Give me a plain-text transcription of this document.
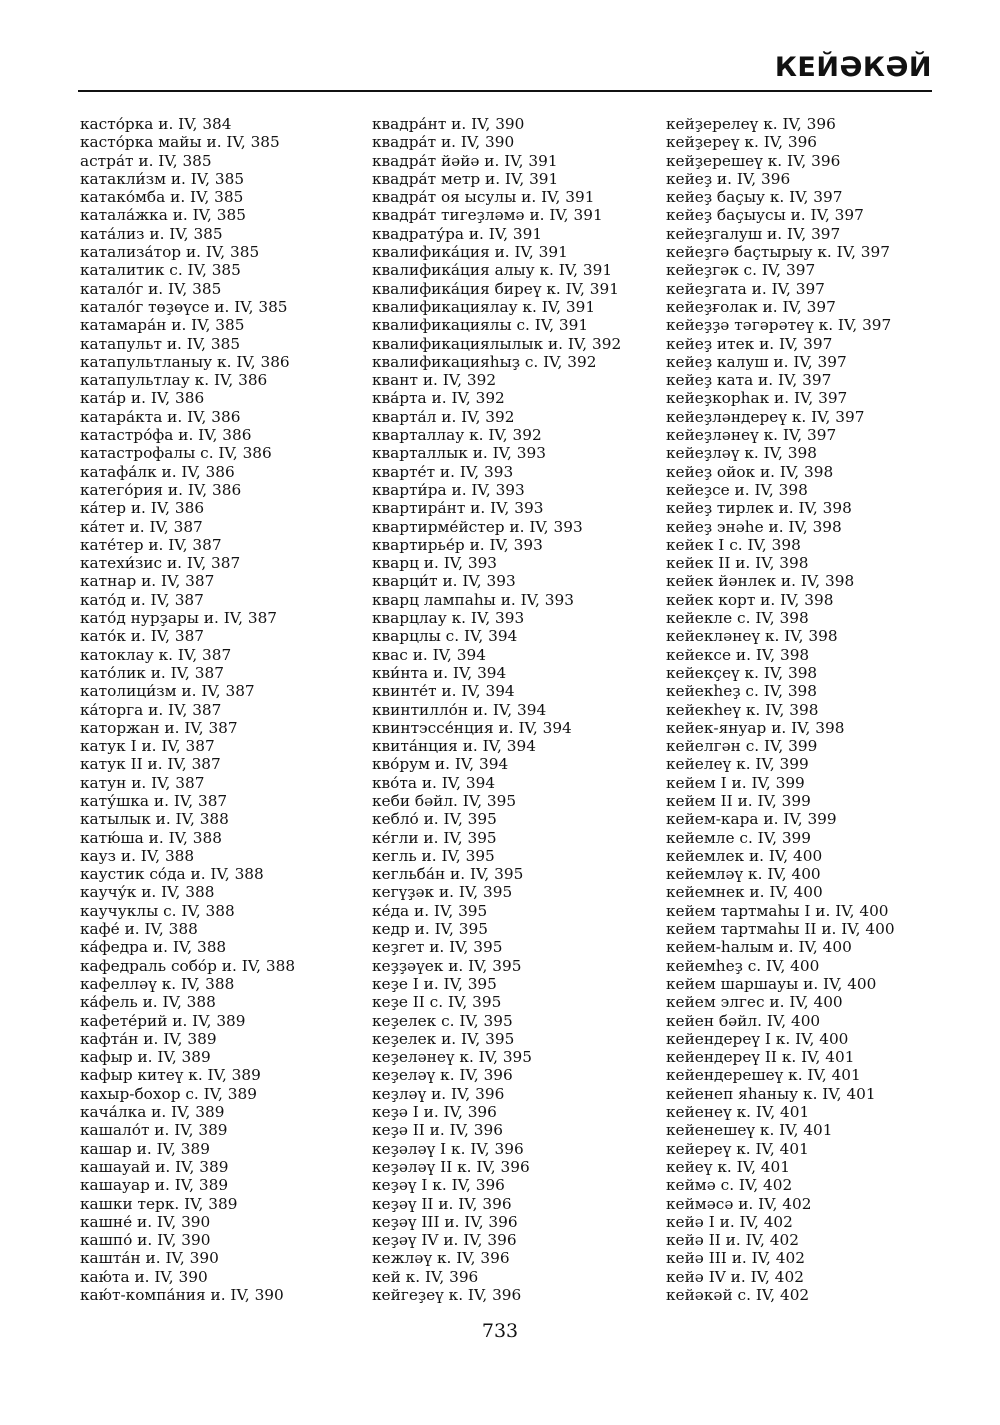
КЕЙӘКӘЙ
касто́рка и. IV, 384
касто́рка майы и. IV, 385
астра́т и. IV, 385
катакли́зм и. IV, 385
катако́мба и. IV, 385
катала́жка и. IV, 385
ката́лиз и. IV, 385
катализа́тор и. IV, 385
каталитик с. IV, 385
катало́г и. IV, 385
катало́г төҙөүсе и. IV, 385
катамара́н и. IV, 385
катапульт и. IV, 385
катапультланыу к. IV, 386
катапультлау к. IV, 386
ката́р и. IV, 386
катара́кта и. IV, 386
катастро́фа и. IV, 386
катастрофалы с. IV, 386
катафа́лк и. IV, 386
катего́рия и. IV, 386
ка́тер и. IV, 386
ка́тет и. IV, 387
кате́тер и. IV, 387
катехи́зис и. IV, 387
катнар и. IV, 387
като́д и. IV, 387
като́д нурҙары и. IV, 387
като́к и. IV, 387
катоклау к. IV, 387
като́лик и. IV, 387
католици́зм и. IV, 387
ка́торга и. IV, 387
каторжан и. IV, 387
катук I и. IV, 387
катук II и. IV, 387
катун и. IV, 387
кату́шка и. IV, 387
катылык и. IV, 388
катю́ша и. IV, 388
кауз и. IV, 388
каустик со́да и. IV, 388
каучу́к и. IV, 388
каучуклы с. IV, 388
кафе́ и. IV, 388
ка́федра и. IV, 388
кафедраль собо́р и. IV, 388
кафелләү к. IV, 388
ка́фель и. IV, 388
кафете́рий и. IV, 389
кафта́н и. IV, 389
кафыр и. IV, 389
кафыр китеү к. IV, 389
кахыр-бохор с. IV, 389
кача́лка и. IV, 389
кашало́т и. IV, 389
кашар и. IV, 389
кашауай и. IV, 389
кашауар и. IV, 389
кашки терк. IV, 389
кашне́ и. IV, 390
кашпо́ и. IV, 390
кашта́н и. IV, 390
каю́та и. IV, 390
каю́т-компа́ния и. IV, 390
квадра́нт и. IV, 390
квадра́т и. IV, 390
квадра́т йәйә и. IV, 391
квадра́т метр и. IV, 391
квадра́т оя ысулы и. IV, 391
квадра́т тигеҙләмә и. IV, 391
квадрату́ра и. IV, 391
квалифика́ция и. IV, 391
квалифика́ция алыу к. IV, 391
квалифика́ция биреү к. IV, 391
квалификациялау к. IV, 391
квалификациялы с. IV, 391
квалификациялылык и. IV, 392
квалификацияһыҙ с. IV, 392
квант и. IV, 392
ква́рта и. IV, 392
кварта́л и. IV, 392
кварталлау к. IV, 392
кварталлык и. IV, 393
кварте́т и. IV, 393
кварти́ра и. IV, 393
квартира́нт и. IV, 393
квартирме́йстер и. IV, 393
квартирье́р и. IV, 393
кварц и. IV, 393
кварци́т и. IV, 393
кварц лампаһы и. IV, 393
кварцлау к. IV, 393
кварцлы с. IV, 394
квас и. IV, 394
кви́нта и. IV, 394
квинте́т и. IV, 394
квинтилло́н и. IV, 394
квинтэссе́нция и. IV, 394
квита́нция и. IV, 394
кво́рум и. IV, 394
кво́та и. IV, 394
кеби бәйл. IV, 395
кебло́ и. IV, 395
ке́гли и. IV, 395
кегль и. IV, 395
кегльба́н и. IV, 395
кегүҙәк и. IV, 395
ке́да и. IV, 395
кедр и. IV, 395
кеҙгет и. IV, 395
кеҙҙәүек и. IV, 395
кеҙе I и. IV, 395
кеҙе II с. IV, 395
кеҙелек с. IV, 395
кеҙелек и. IV, 395
кеҙеләнеү к. IV, 395
кеҙеләү к. IV, 396
кеҙләү и. IV, 396
кеҙә I и. IV, 396
кеҙә II и. IV, 396
кеҙәләү I к. IV, 396
кеҙәләү II к. IV, 396
кеҙәү I к. IV, 396
кеҙәү II и. IV, 396
кеҙәү III и. IV, 396
кеҙәү IV и. IV, 396
кежләү к. IV, 396
кей к. IV, 396
кейгеҙеү к. IV, 396
кейҙерелеү к. IV, 396
кейҙереү к. IV, 396
кейҙерешеү к. IV, 396
кейеҙ и. IV, 396
кейеҙ баҫыу к. IV, 397
кейеҙ баҫыусы и. IV, 397
кейеҙгалуш и. IV, 397
кейеҙгә баҫтырыу к. IV, 397
кейеҙгәк с. IV, 397
кейеҙгата и. IV, 397
кейеҙғолак и. IV, 397
кейеҙҙә тәгәрәтеү к. IV, 397
кейеҙ итек и. IV, 397
кейеҙ калуш и. IV, 397
кейеҙ ката и. IV, 397
кейеҙкорһак и. IV, 397
кейеҙләндереү к. IV, 397
кейеҙләнеү к. IV, 397
кейеҙләү к. IV, 398
кейеҙ ойок и. IV, 398
кейеҙсе и. IV, 398
кейеҙ тирлек и. IV, 398
кейеҙ энәһе и. IV, 398
кейек I с. IV, 398
кейек II и. IV, 398
кейек йәнлек и. IV, 398
кейек корт и. IV, 398
кейекле с. IV, 398
кейекләнеү к. IV, 398
кейексе и. IV, 398
кейекҫеү к. IV, 398
кейекһеҙ с. IV, 398
кейекһеү к. IV, 398
кейек-януар и. IV, 398
кейелгән с. IV, 399
кейелеү к. IV, 399
кейем I и. IV, 399
кейем II и. IV, 399
кейем-кара и. IV, 399
кейемле с. IV, 399
кейемлек и. IV, 400
кейемләү к. IV, 400
кейемнек и. IV, 400
кейем тартмаһы I и. IV, 400
кейем тартмаһы II и. IV, 400
кейем-һалым и. IV, 400
кейемһеҙ с. IV, 400
кейем шаршауы и. IV, 400
кейем элгес и. IV, 400
кейен бәйл. IV, 400
кейендереү I к. IV, 400
кейендереү II к. IV, 401
кейендерешеү к. IV, 401
кейенеп яһаныу к. IV, 401
кейенеү к. IV, 401
кейенешеү к. IV, 401
кейереү к. IV, 401
кейеү к. IV, 401
кеймә с. IV, 402
кеймәсә и. IV, 402
кейә I и. IV, 402
кейә II и. IV, 402
кейә III и. IV, 402
кейә IV и. IV, 402
кейәкәй с. IV, 402
733
